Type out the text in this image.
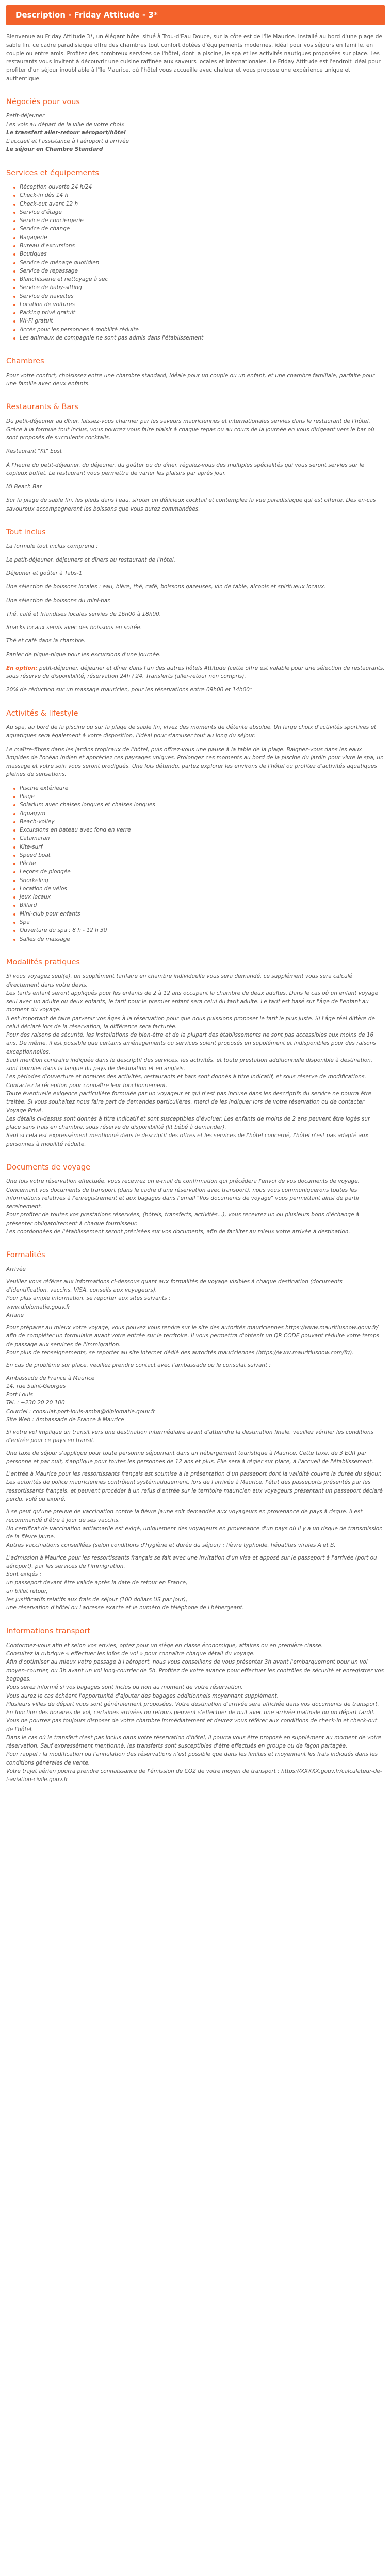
Description - Friday Attitude - 3*

Bienvenue au Friday Attitude 3*, un élégant hôtel situé à Trou-d'Eau Douce, sur la côte est de l'île Maurice. Installé au bord d'une plage de sable fin, ce cadre paradisiaque offre des chambres tout confort dotées d'équipements modernes, idéal pour vos séjours en famille, en couple ou entre amis. Profitez des nombreux services de l'hôtel, dont la piscine, le spa et les activités nautiques proposées sur place. Les restaurants vous invitent à découvrir une cuisine raffinée aux saveurs locales et internationales. Le Friday Attitude est l'endroit idéal pour profiter d'un séjour inoubliable à l'île Maurice, où l'hôtel vous accueille avec chaleur et vous propose une expérience unique et authentique.

Négociés pour vous
Petit-déjeuner
Les vols au départ de la ville de votre choix
Le transfert aller-retour aéroport/hôtel
L'accueil et l'assistance à l'aéroport d'arrivée
Le séjour en Chambre Standard
Services et équipements
Réception ouverte 24 h/24
Check-in dès 14 h
Check-out avant 12 h
Service d'étage
Service de conciergerie
Service de change
Bagagerie
Bureau d'excursions
Boutiques
Service de ménage quotidien
Service de repassage
Blanchisserie et nettoyage à sec
Service de baby-sitting
Service de navettes
Location de voitures
Parking privé gratuit
Wi-Fi gratuit
Accès pour les personnes à mobilité réduite
Les animaux de compagnie ne sont pas admis dans l'établissement
Chambres

Pour votre confort, choisissez entre une chambre standard, idéale pour un couple ou un enfant, et une chambre familiale, parfaite pour une famille avec deux enfants.

Restaurants & Bars

Du petit-déjeuner au dîner, laissez-vous charmer par les saveurs mauriciennes et internationales servies dans le restaurant de l'hôtel. Grâce à la formule tout inclus, vous pourrez vous faire plaisir à chaque repas ou au cours de la journée en vous dirigeant vers le bar où sont proposés de succulents cocktails.

Restaurant "Kt" Eost

À l'heure du petit-déjeuner, du déjeuner, du goûter ou du dîner, régalez-vous des multiples spécialités qui vous seront servies sur le copieux buffet. Le restaurant vous permettra de varier les plaisirs par après jour.

Mi Beach Bar

Sur la plage de sable fin, les pieds dans l'eau, siroter un délicieux cocktail et contemplez la vue paradisiaque qui est offerte. Des en-cas savoureux accompagneront les boissons que vous aurez commandées.

Tout inclus

La formule tout inclus comprend :

Le petit-déjeuner, déjeuners et dîners au restaurant de l'hôtel.

Déjeuner et goûter à Tabs-1

Une sélection de boissons locales : eau, bière, thé, café, boissons gazeuses, vin de table, alcools et spiritueux locaux.

Une sélection de boissons du mini-bar.

Thé, café et friandises locales servies de 16h00 à 18h00.

Snacks locaux servis avec des boissons en soirée.

Thé et café dans la chambre.

Panier de pique-nique pour les excursions d'une journée.

En option: petit-déjeuner, déjeuner et dîner dans l'un des autres hôtels Attitude (cette offre est valable pour une sélection de restaurants, sous réserve de disponibilité, réservation 24h / 24. Transferts (aller-retour non compris).

20% de réduction sur un massage mauricien, pour les réservations entre 09h00 et 14h00*

Activités & lifestyle

Au spa, au bord de la piscine ou sur la plage de sable fin, vivez des moments de détente absolue. Un large choix d'activités sportives et aquatiques sera également à votre disposition, l'idéal pour s'amuser tout au long du séjour.

Le maître-fibres dans les jardins tropicaux de l'hôtel, puis offrez-vous une pause à la table de la plage. Baignez-vous dans les eaux limpides de l'océan Indien et appréciez ces paysages uniques. Prolongez ces moments au bord de la piscine du jardin pour vivre le spa, un massage et votre soin vous seront prodigués. Une fois détendu, partez explorer les environs de l'hôtel ou profitez d'activités aquatiques pleines de sensations.

Piscine extérieure
Plage
Solarium avec chaises longues et chaises longues
Aquagym
Beach-volley
Excursions en bateau avec fond en verre
Catamaran
Kite-surf
Speed boat
Pêche
Leçons de plongée
Snorkeling
Location de vélos
Jeux locaux
Billard
Mini-club pour enfants
Spa
Ouverture du spa : 8 h - 12 h 30
Salles de massage
Modalités pratiques
Si vous voyagez seul(e), un supplément tarifaire en chambre individuelle vous sera demandé, ce supplément vous sera calculé directement dans votre devis.
Les tarifs enfant seront appliqués pour les enfants de 2 à 12 ans occupant la chambre de deux adultes. Dans le cas où un enfant voyage seul avec un adulte ou deux enfants, le tarif pour le premier enfant sera celui du tarif adulte. Le tarif est basé sur l'âge de l'enfant au moment du voyage.
Il est important de faire parvenir vos âges à la réservation pour que nous puissions proposer le tarif le plus juste. Si l'âge réel diffère de celui déclaré lors de la réservation, la différence sera facturée.
Pour des raisons de sécurité, les installations de bien-être et de la plupart des établissements ne sont pas accessibles aux moins de 16 ans. De même, il est possible que certains aménagements ou services soient proposés en supplément et indisponibles pour des raisons exceptionnelles.
Sauf mention contraire indiquée dans le descriptif des services, les activités, et toute prestation additionnelle disponible à destination, sont fournies dans la langue du pays de destination et en anglais.
Les périodes d'ouverture et horaires des activités, restaurants et bars sont donnés à titre indicatif, et sous réserve de modifications. Contactez la réception pour connaître leur fonctionnement.
Toute éventuelle exigence particulière formulée par un voyageur et qui n'est pas incluse dans les descriptifs du service ne pourra être traitée. Si vous souhaitez nous faire part de demandes particulières, merci de les indiquer lors de votre réservation ou de contacter Voyage Privé.
Les détails ci-dessus sont donnés à titre indicatif et sont susceptibles d'évoluer. Les enfants de moins de 2 ans peuvent être logés sur place sans frais en chambre, sous réserve de disponibilité (lit bébé à demander).
Sauf si cela est expressément mentionné dans le descriptif des offres et les services de l'hôtel concerné, l'hôtel n'est pas adapté aux personnes à mobilité réduite.
Documents de voyage
Une fois votre réservation effectuée, vous recevrez un e-mail de confirmation qui précédera l'envoi de vos documents de voyage.
Concernant vos documents de transport (dans le cadre d'une réservation avec transport), nous vous communiquerons toutes les informations relatives à l'enregistrement et aux bagages dans l'email "Vos documents de voyage" vous permettant ainsi de partir sereinement.
Pour profiter de toutes vos prestations réservées, (hôtels, transferts, activités...), vous recevrez un ou plusieurs bons d'échange à présenter obligatoirement à chaque fournisseur.
Les coordonnées de l'établissement seront précisées sur vos documents, afin de faciliter au mieux votre arrivée à destination.
Formalités
Arrivée
Veuillez vous référer aux informations ci-dessous quant aux formalités de voyage visibles à chaque destination (documents d'identification, vaccins, VISA, conseils aux voyageurs).
Pour plus ample information, se reporter aux sites suivants :
www.diplomatie.gouv.fr
Ariane
Pour préparer au mieux votre voyage, vous pouvez vous rendre sur le site des autorités mauriciennes https://www.mauritiusnow.gouv.fr/ afin de compléter un formulaire avant votre entrée sur le territoire. Il vous permettra d'obtenir un QR CODE pouvant réduire votre temps de passage aux services de l'immigration.
Pour plus de renseignements, se reporter au site internet dédié des autorités mauriciennes (https://www.mauritiusnow.com/fr/).
En cas de problème sur place, veuillez prendre contact avec l'ambassade ou le consulat suivant :
Ambassade de France à Maurice
14, rue Saint-Georges
Port Louis
Tél. : +230 20 20 100
Courriel : consulat.port-louis-amba@diplomatie.gouv.fr
Site Web : Ambassade de France à Maurice
Si votre vol implique un transit vers une destination intermédiaire avant d'atteindre la destination finale, veuillez vérifier les conditions d'entrée pour ce pays en transit.
Une taxe de séjour s'applique pour toute personne séjournant dans un hébergement touristique à Maurice. Cette taxe, de 3 EUR par personne et par nuit, s'applique pour toutes les personnes de 12 ans et plus. Elle sera à régler sur place, à l'accueil de l'établissement.
L'entrée à Maurice pour les ressortissants français est soumise à la présentation d'un passeport dont la validité couvre la durée du séjour. Les autorités de police mauriciennes contrôlent systématiquement, lors de l'arrivée à Maurice, l'état des passeports présentés par les ressortissants français, et peuvent procéder à un refus d'entrée sur le territoire mauricien aux voyageurs présentant un passeport déclaré perdu, volé ou expiré.
Il se peut qu'une preuve de vaccination contre la fièvre jaune soit demandée aux voyageurs en provenance de pays à risque. Il est recommandé d'être à jour de ses vaccins.
Un certificat de vaccination antiamarile est exigé, uniquement des voyageurs en provenance d'un pays où il y a un risque de transmission de la fièvre jaune.
Autres vaccinations conseillées (selon conditions d'hygiène et durée du séjour) : fièvre typhoïde, hépatites virales A et B.
L'admission à Maurice pour les ressortissants français se fait avec une invitation d'un visa et apposé sur le passeport à l'arrivée (port ou aéroport), par les services de l'immigration.
Sont exigés :
un passeport devant être valide après la date de retour en France,
un billet retour,
les justificatifs relatifs aux frais de séjour (100 dollars US par jour),
une réservation d'hôtel ou l'adresse exacte et le numéro de téléphone de l'hébergeant.
Informations transport
Conformez-vous afin et selon vos envies, optez pour un siège en classe économique, affaires ou en première classe.
Consultez la rubrique « effectuer les infos de vol » pour connaître chaque détail du voyage.
Afin d'optimiser au mieux votre passage à l'aéroport, nous vous conseillons de vous présenter 3h avant l'embarquement pour un vol moyen-courrier, ou 3h avant un vol long-courrier de 5h. Profitez de votre avance pour effectuer les contrôles de sécurité et enregistrer vos bagages.
Vous serez informé si vos bagages sont inclus ou non au moment de votre réservation.
Vous aurez le cas échéant l'opportunité d'ajouter des bagages additionnels moyennant supplément.
Plusieurs villes de départ vous sont généralement proposées. Votre destination d'arrivée sera affichée dans vos documents de transport.
En fonction des horaires de vol, certaines arrivées ou retours peuvent s'effectuer de nuit avec une arrivée matinale ou un départ tardif. Vous ne pourrez pas toujours disposer de votre chambre immédiatement et devrez vous référer aux conditions de check-in et check-out de l'hôtel.
Dans le cas où le transfert n'est pas inclus dans votre réservation d'hôtel, il pourra vous être proposé en supplément au moment de votre réservation. Sauf expressément mentionné, les transferts sont susceptibles d'être effectués en groupe ou de façon partagée.
Pour rappel : la modification ou l'annulation des réservations n'est possible que dans les limites et moyennant les frais indiqués dans les conditions générales de vente.
Votre trajet aérien pourra prendre connaissance de l'émission de CO2 de votre moyen de transport : https://XXXXX.gouv.fr/calculateur-de-l-aviation-civile.gouv.fr
